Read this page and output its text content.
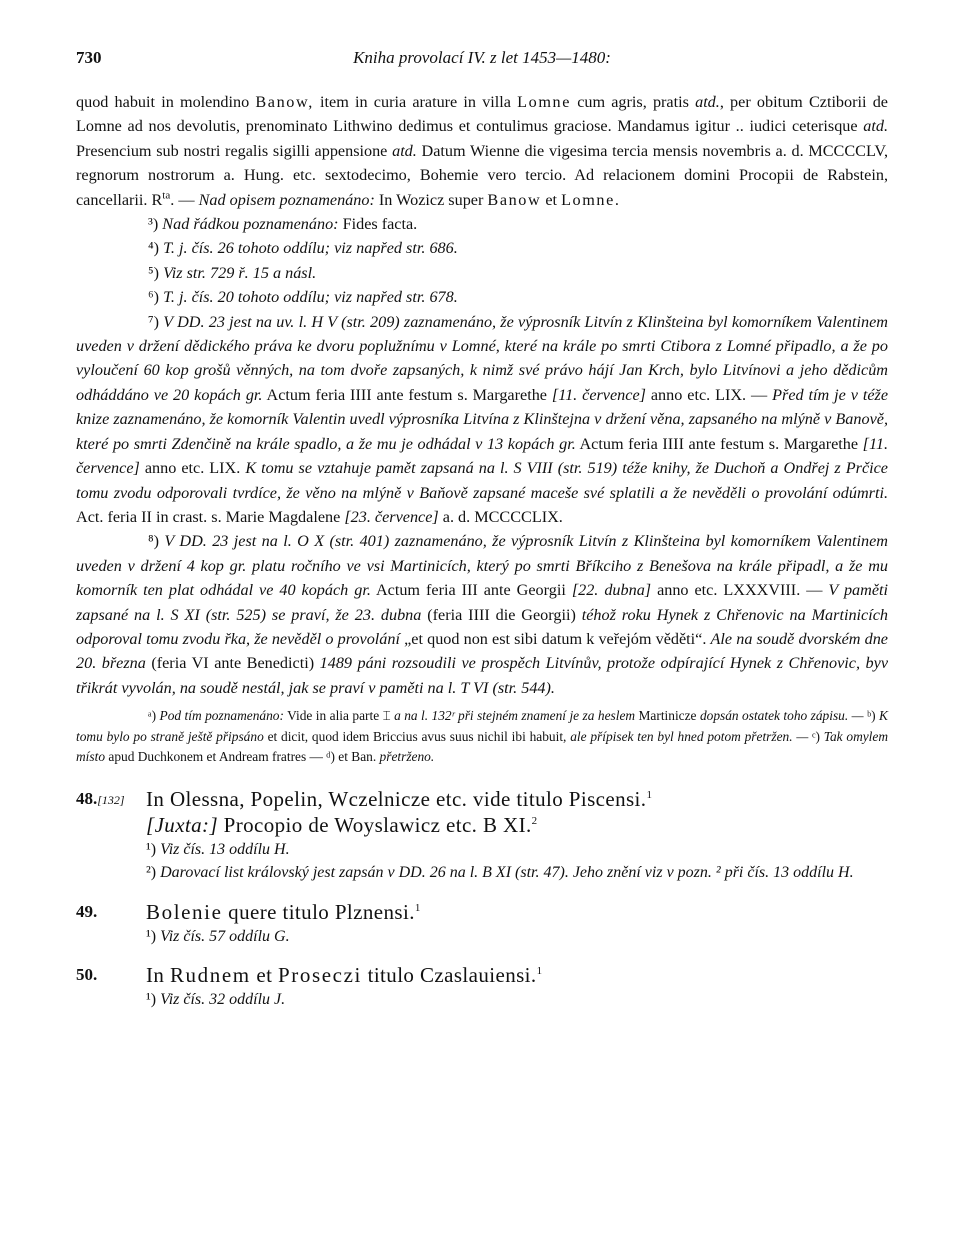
730	Kniha provolací IV. z let 1453—1480:

quod habuit in molendino Banow, item in curia arature in villa Lomne cum agris, pratis atd., per obitum Cztiborii de Lomne ad nos devolutis, prenominato Lithwino dedimus et contulimus graciose. Mandamus igitur .. iudici ceterisque atd. Presencium sub nostri regalis sigilli appensione atd. Datum Wienne die vigesima tercia mensis novembris a. d. MCCCCLV, regnorum nostrorum a. Hung. etc. sextodecimo, Bohemie vero tercio. Ad relacionem domini Procopii de Rabstein, cancellarii. $R^{ta}$. — Nad opisem poznamenáno: In Wozicz super Banow et Lomne.

³) Nad řádkou poznamenáno: Fides facta.

⁴) T. j. čís. 26 tohoto oddílu; viz napřed str. 686.

⁵) Viz str. 729 ř. 15 a násl.

⁶) T. j. čís. 20 tohoto oddílu; viz napřed str. 678.

⁷) V DD. 23 jest na uv. l. H V (str. 209) zaznamenáno, že výprosník Litvín z Klinšteina byl komorníkem Valentinem uveden v držení dědického práva ke dvoru poplužnímu v Lomné, které na krále po smrti Ctibora z Lomné připadlo, a že po vyloučení 60 kop grošů věnných, na tom dvoře zapsaných, k nimž své právo hájí Jan Krch, bylo Litvínovi a jeho dědicům odháddáno ve 20 kopách gr. Actum feria IIII ante festum s. Margarethe [11. července] anno etc. LIX. — Před tím je v téže knize zaznamenáno, že komorník Valentin uvedl výprosníka Litvína z Klinštejna v držení věna, zapsaného na mlýně v Banově, které po smrti Zdenčině na krále spadlo, a že mu je odhádal v 13 kopách gr. Actum feria IIII ante festum s. Margarethe [11. července] anno etc. LIX. K tomu se vztahuje pamět zapsaná na l. S VIII (str. 519) téže knihy, že Duchoň a Ondřej z Prčice tomu zvodu odporovali tvrdíce, že věno na mlýně v Baňově zapsané maceše své splatili a že nevěděli o provolání odúmrti. Act. feria II in crast. s. Marie Magdalene [23. července] a. d. MCCCCLIX.

⁸) V DD. 23 jest na l. O X (str. 401) zaznamenáno, že výprosník Litvín z Klinšteina byl komorníkem Valentinem uveden v držení 4 kop gr. platu ročního ve vsi Martinicích, který po smrti Bříkciho z Benešova na krále připadl, a že mu komorník ten plat odhádal ve 40 kopách gr. Actum feria III ante Georgii [22. dubna] anno etc. LXXXVIII. — V paměti zapsané na l. S XI (str. 525) se praví, že 23. dubna (feria IIII die Georgii) téhož roku Hynek z Chřenovic na Martinicích odporoval tomu zvodu řka, že nevěděl o provolání „et quod non est sibi datum k veřejóm věděti“. Ale na soudě dvorském dne 20. března (feria VI ante Benedicti) 1489 páni rozsoudili ve prospěch Litvínův, protože odpírající Hynek z Chřenovic, byv třikrát vyvolán, na soudě nestál, jak se praví v paměti na l. T VI (str. 544).

ᵃ) Pod tím poznamenáno: Vide in alia parte ⌶ a na l. 132ʳ při stejném znamení je za heslem Martinicze dopsán ostatek toho zápisu. — ᵇ) K tomu bylo po straně ještě připsáno et dicit, quod idem Briccius avus suus nichil ibi habuit, ale přípisek ten byl hned potom přetržen. — ᶜ) Tak omylem místo apud Duchkonem et Andream fratres — ᵈ) et Ban. přetrženo.

48.[132] In Olessna, Popelin, Wczelnicze etc. vide titulo Piscensi.$^1$
[Juxta:] Procopio de Woyslawicz etc. B XI.$^2$

¹) Viz čís. 13 oddílu H.

²) Darovací list královský jest zapsán v DD. 26 na l. B XI (str. 47). Jeho znění viz v pozn. ² při čís. 13 oddílu H.

49. Bolenie quere titulo Plznensi.$^1$

¹) Viz čís. 57 oddílu G.

50. In Rudnem et Proseczi titulo Czaslauiensi.$^1$

¹) Viz čís. 32 oddílu J.
